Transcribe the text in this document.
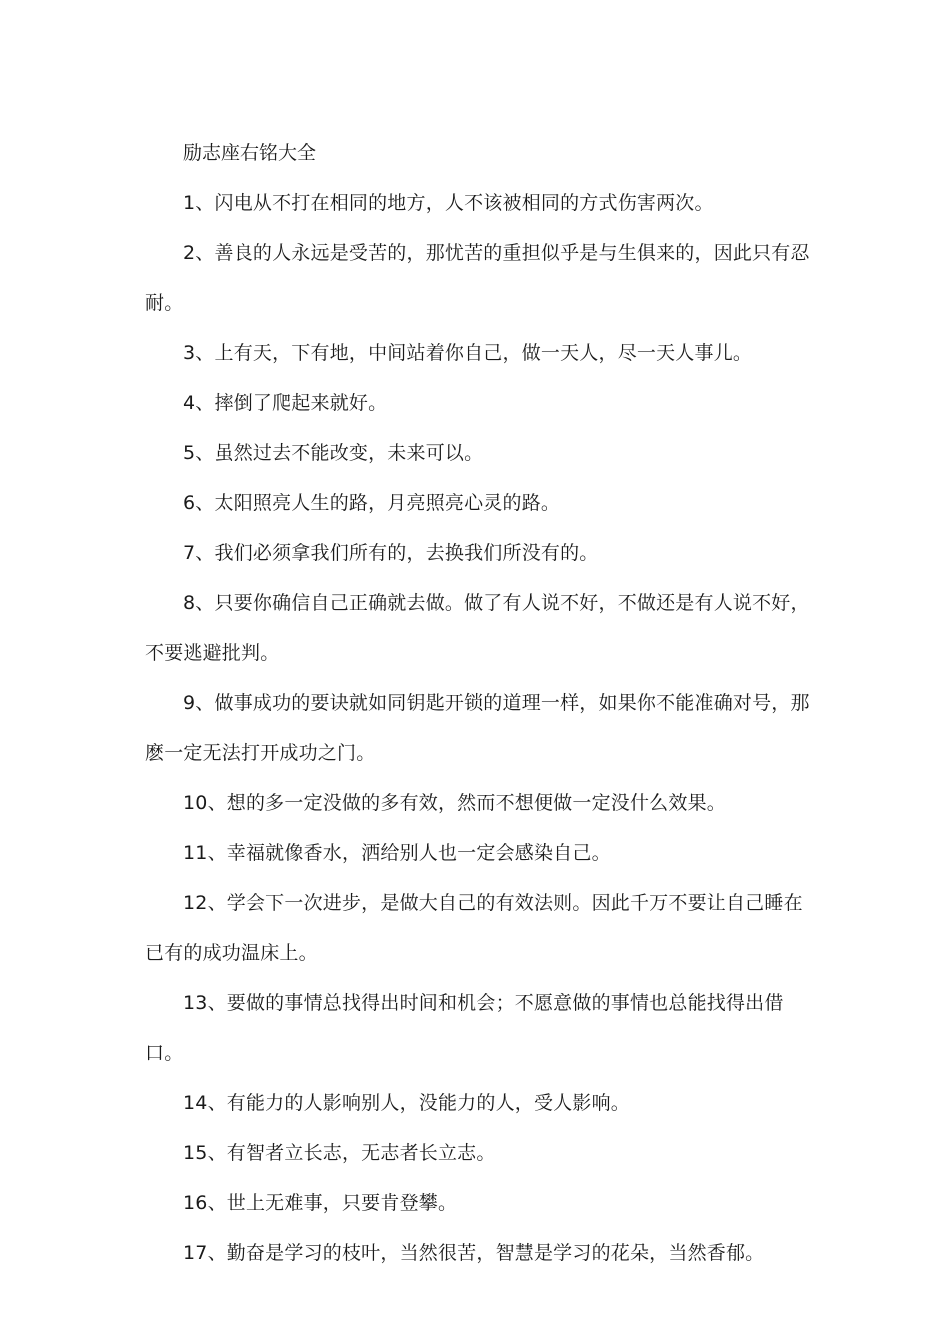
励志座右铭大全

1、闪电从不打在相同的地方，人不该被相同的方式伤害两次。

2、善良的人永远是受苦的，那忧苦的重担似乎是与生俱来的，因此只有忍耐。

3、上有天，下有地，中间站着你自己，做一天人，尽一天人事儿。

4、摔倒了爬起来就好。

5、虽然过去不能改变，未来可以。

6、太阳照亮人生的路，月亮照亮心灵的路。

7、我们必须拿我们所有的，去换我们所没有的。

8、只要你确信自己正确就去做。做了有人说不好，不做还是有人说不好，不要逃避批判。

9、做事成功的要诀就如同钥匙开锁的道理一样，如果你不能准确对号，那麽一定无法打开成功之门。

10、想的多一定没做的多有效，然而不想便做一定没什么效果。

11、幸福就像香水，洒给别人也一定会感染自己。

12、学会下一次进步，是做大自己的有效法则。因此千万不要让自己睡在已有的成功温床上。

13、要做的事情总找得出时间和机会；不愿意做的事情也总能找得出借口。

14、有能力的人影响别人，没能力的人，受人影响。

15、有智者立长志，无志者长立志。

16、世上无难事，只要肯登攀。

17、勤奋是学习的枝叶，当然很苦，智慧是学习的花朵，当然香郁。
